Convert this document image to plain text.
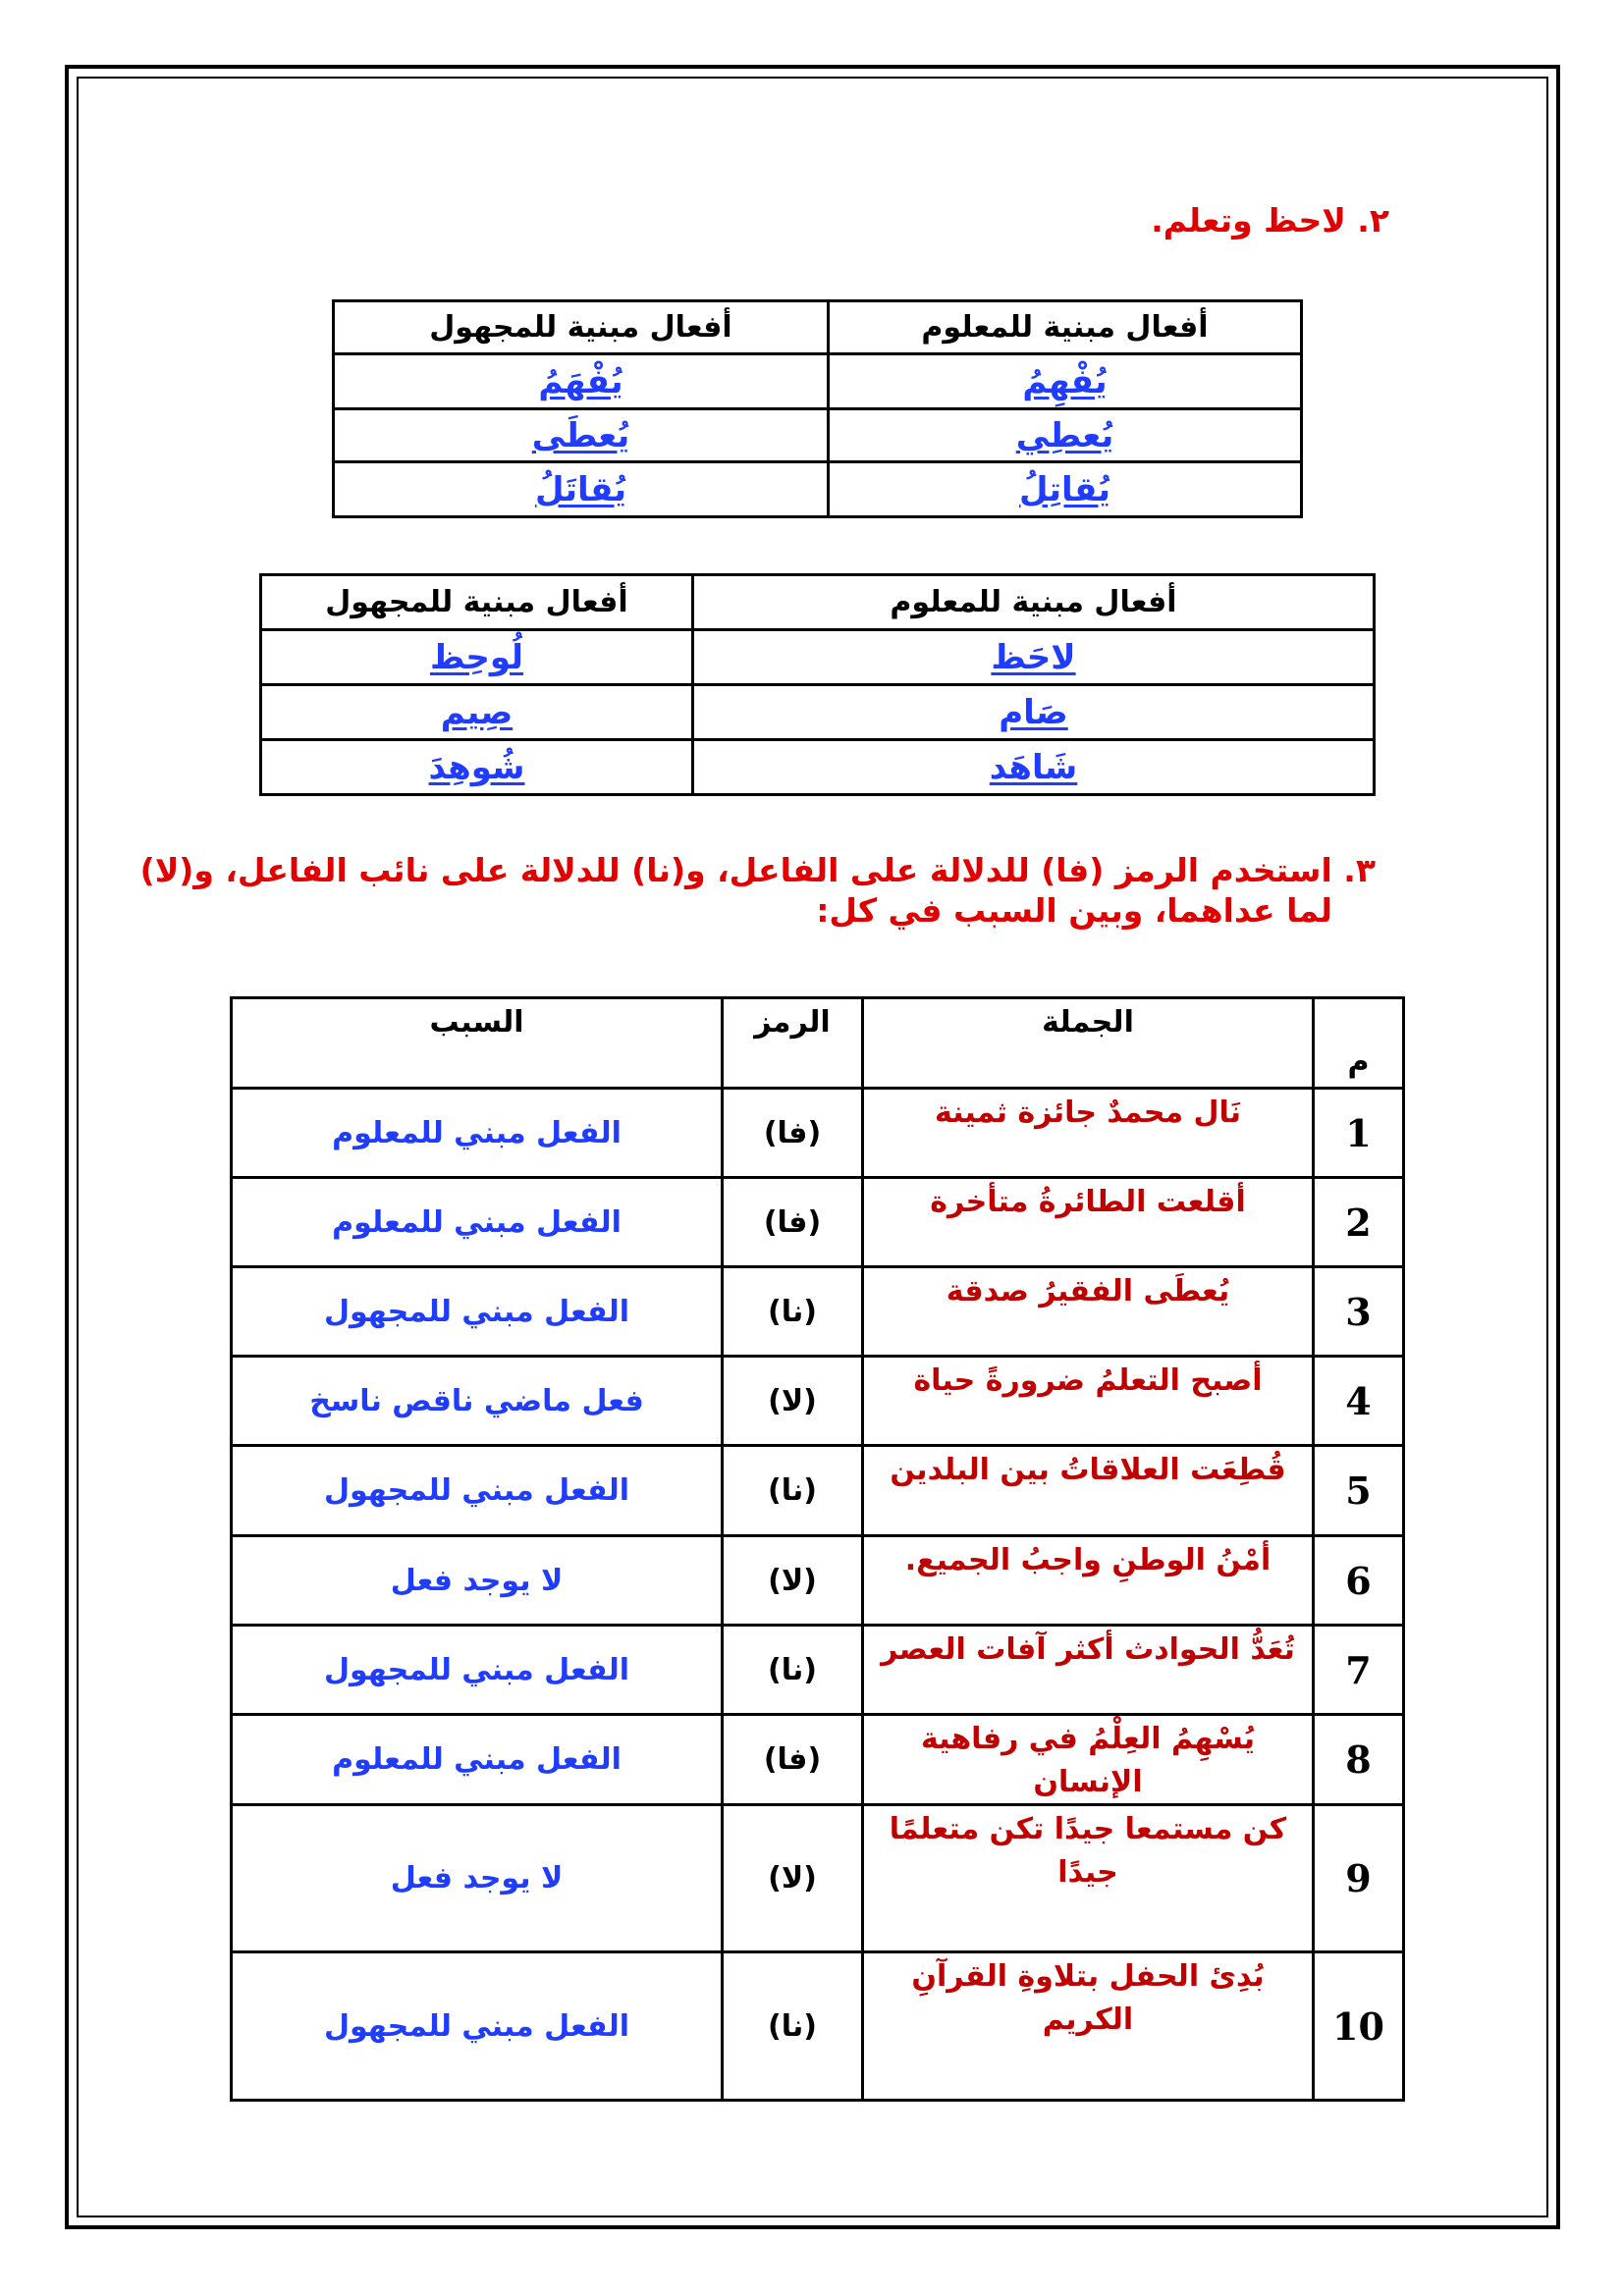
٢. لاحظ وتعلم.
أفعال مبنية للمعلوم	أفعال مبنية للمجهول
يُفْهِمُ	يُفْهَمُ
يُعطِي	يُعطَى
يُقاتِلُ	يُقاتَلُ
أفعال مبنية للمعلوم	أفعال مبنية للمجهول
لاحَظ	لُوحِظ
صَام	صِيم
شَاهَد	شُوهِدَ
٣. استخدم الرمز (فا) للدلالة على الفاعل، و(نا) للدلالة على نائب الفاعل، و(لا)
لما عداهما، وبين السبب في كل:
م	الجملة	الرمز	السبب
1	نَال محمدٌ جائزة ثمينة	(فا)	الفعل مبني للمعلوم
2	أقلعت الطائرةُ متأخرة	(فا)	الفعل مبني للمعلوم
3	يُعطَى الفقيرُ صدقة	(نا)	الفعل مبني للمجهول
4	أصبح التعلمُ ضرورةً حياة	(لا)	فعل ماضي ناقص ناسخ
5	قُطِعَت العلاقاتُ بين البلدين	(نا)	الفعل مبني للمجهول
6	أمْنُ الوطنِ واجبُ الجميع.	(لا)	لا يوجد فعل
7	تُعَدُّ الحوادث أكثر آفات العصر	(نا)	الفعل مبني للمجهول
8	يُسْهِمُ العِلْمُ في رفاهية الإنسان	(فا)	الفعل مبني للمعلوم
9	كن مستمعا جيدًا تكن متعلمًا جيدًا	(لا)	لا يوجد فعل
10	بُدِئ الحفل بتلاوةِ القرآنِ الكريم	(نا)	الفعل مبني للمجهول
